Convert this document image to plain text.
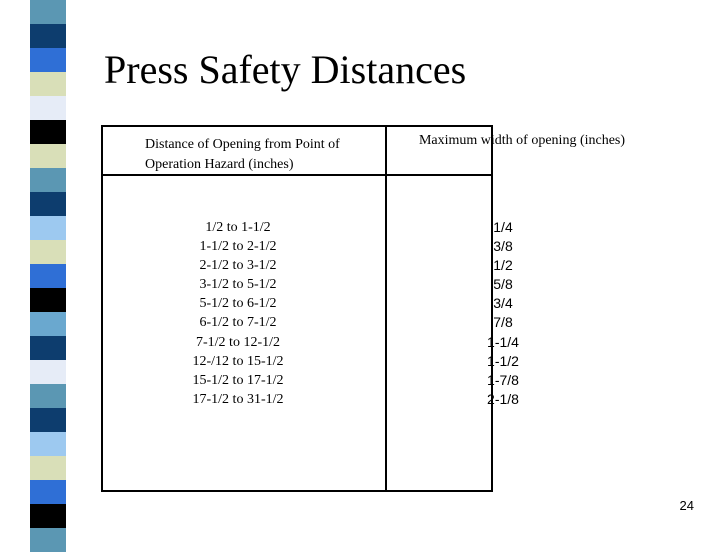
Press Safety Distances
Distance of Opening from Point of Operation Hazard (inches)
Maximum width of opening (inches)
1/2 to 1-1/2
1-1/2 to 2-1/2
2-1/2 to 3-1/2
3-1/2 to 5-1/2
5-1/2 to 6-1/2
6-1/2 to 7-1/2
7-1/2 to 12-1/2
12-/12 to 15-1/2
15-1/2 to 17-1/2
17-1/2 to 31-1/2
1/4
3/8
1/2
5/8
3/4
7/8
1-1/4
1-1/2
1-7/8
2-1/8
24
